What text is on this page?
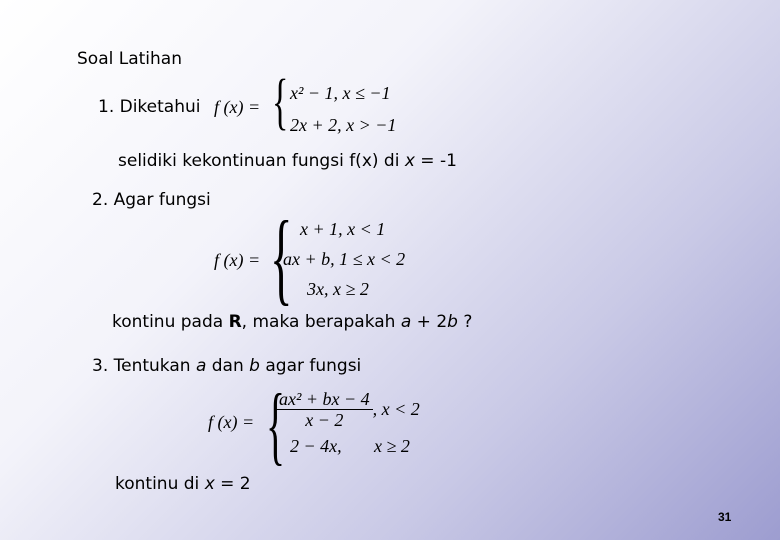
Soal Latihan
1. Diketahui f (x) = { x² − 1, x ≤ −1
2x + 2, x > −1
selidiki kekontinuan fungsi f(x) di x = -1
2. Agar fungsi
f (x) = { x + 1, x < 1
ax + b, 1 ≤ x < 2
3x, x ≥ 2
kontinu pada R, maka berapakah a + 2b ?
3. Tentukan a dan b agar fungsi
f (x) = {
$\frac{\text{ax² + bx − 4}}{x - 2}$ , x < 2
2 − 4x, x ≥ 2
kontinu di x = 2
31
